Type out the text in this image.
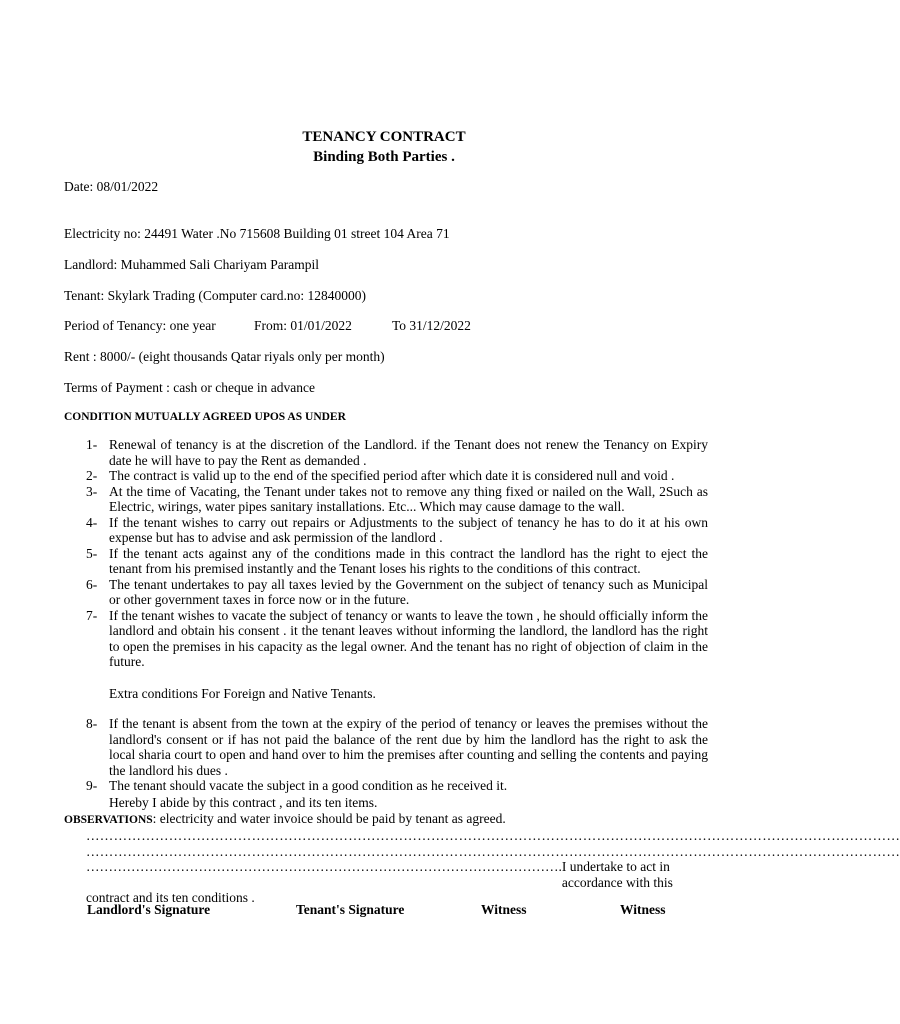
TENANCY CONTRACT
Binding Both Parties .
Date: 08/01/2022
Electricity no: 24491 Water .No 715608 Building 01 street 104 Area 71
Landlord: Muhammed Sali Chariyam Parampil
Tenant: Skylark Trading (Computer card.no: 12840000)
Period of Tenancy: one year	From: 01/01/2022	To 31/12/2022
Rent : 8000/- (eight thousands Qatar riyals only per month)
Terms of Payment : cash or cheque in advance
CONDITION MUTUALLY AGREED UPOS AS UNDER
1- Renewal of tenancy is at the discretion of the Landlord. if the Tenant does not renew the Tenancy on Expiry date he will have to pay the Rent as demanded .
2- The contract is valid up to the end of the specified period after which date it is considered null and void .
3- At the time of Vacating, the Tenant under takes not to remove any thing fixed or nailed on the Wall, 2Such as Electric, wirings, water pipes sanitary installations. Etc... Which may cause damage to the wall.
4- If the tenant wishes to carry out repairs or Adjustments to the subject of tenancy he has to do it at his own expense but has to advise and ask permission of the landlord .
5- If the tenant acts against any of the conditions made in this contract the landlord has the right to eject the tenant from his premised instantly and the Tenant loses his rights to the conditions of this contract.
6- The tenant undertakes to pay all taxes levied by the Government on the subject of tenancy such as Municipal or other government taxes in force now or in the future.
7- If the tenant wishes to vacate the subject of tenancy or wants to leave the town , he should officially inform the landlord and obtain his consent . it the tenant leaves without informing the landlord, the landlord has the right to open the premises in his capacity as the legal owner. And the tenant has no right of objection of claim in the future.
Extra conditions For Foreign and Native Tenants.
8- If the tenant is absent from the town at the expiry of the period of tenancy or leaves the premises without the landlord's consent or if has not paid the balance of the rent due by him the landlord has the right to ask the local sharia court to open and hand over to him the premises after counting and selling the contents and paying the landlord his dues .
9- The tenant should vacate the subject in a good condition as he received it.
Hereby I abide by this contract , and its ten items.
OBSERVATIONS: electricity and water invoice should be paid by tenant as agreed.
……………………………………………………………………………………………………………………………………………………………
……………………………………………………………………………………………………………………………………………………………
……………………………………………………………………………………………. I undertake to act in accordance with this
contract and its ten conditions .
Landlord's Signature	Tenant's Signature	Witness	Witness
